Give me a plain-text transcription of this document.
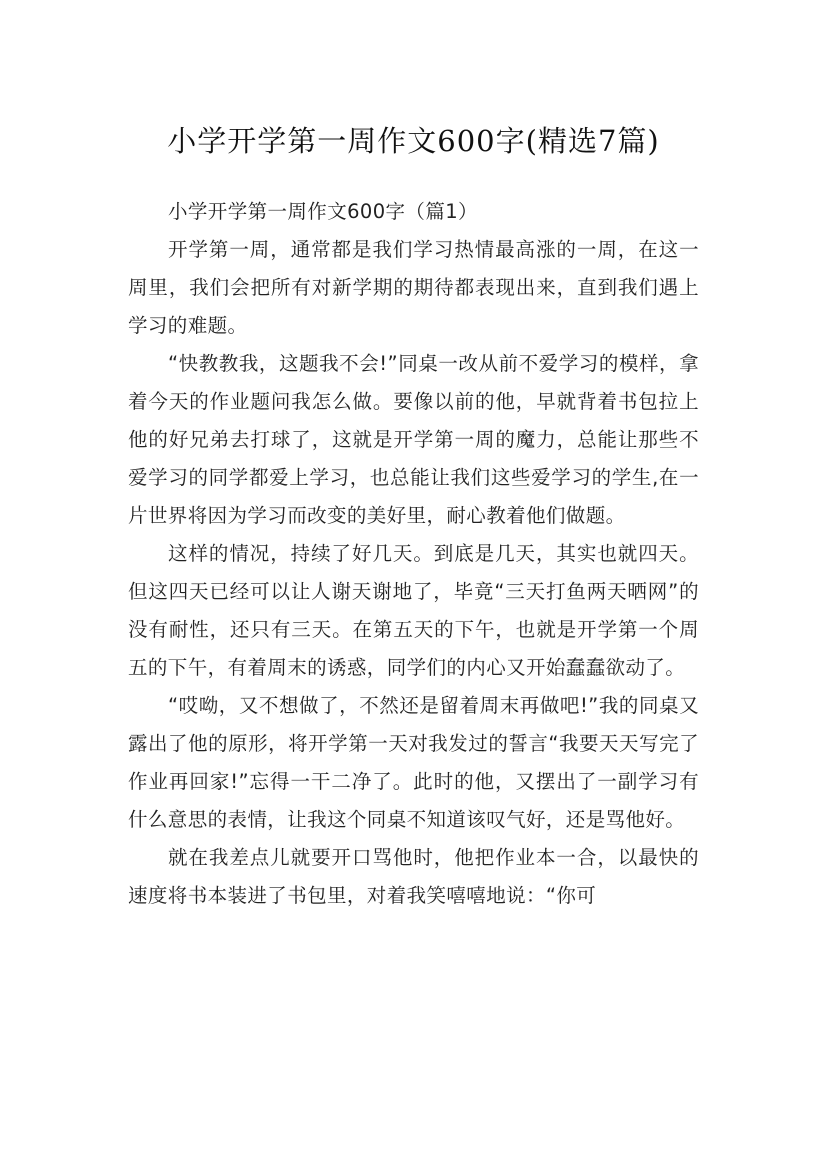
小学开学第一周作文600字(精选7篇)

小学开学第一周作文600字（篇1）

开学第一周，通常都是我们学习热情最高涨的一周，在这一周里，我们会把所有对新学期的期待都表现出来，直到我们遇上学习的难题。

“快教教我，这题我不会!”同桌一改从前不爱学习的模样，拿着今天的作业题问我怎么做。要像以前的他，早就背着书包拉上他的好兄弟去打球了，这就是开学第一周的魔力，总能让那些不爱学习的同学都爱上学习，也总能让我们这些爱学习的学生,在一片世界将因为学习而改变的美好里，耐心教着他们做题。

这样的情况，持续了好几天。到底是几天，其实也就四天。但这四天已经可以让人谢天谢地了，毕竟“三天打鱼两天晒网”的没有耐性，还只有三天。在第五天的下午，也就是开学第一个周五的下午，有着周末的诱惑，同学们的内心又开始蠢蠢欲动了。

“哎呦，又不想做了，不然还是留着周末再做吧!”我的同桌又露出了他的原形，将开学第一天对我发过的誓言“我要天天写完了作业再回家!”忘得一干二净了。此时的他，又摆出了一副学习有什么意思的表情，让我这个同桌不知道该叹气好，还是骂他好。

就在我差点儿就要开口骂他时，他把作业本一合，以最快的速度将书本装进了书包里，对着我笑嘻嘻地说：“你可
